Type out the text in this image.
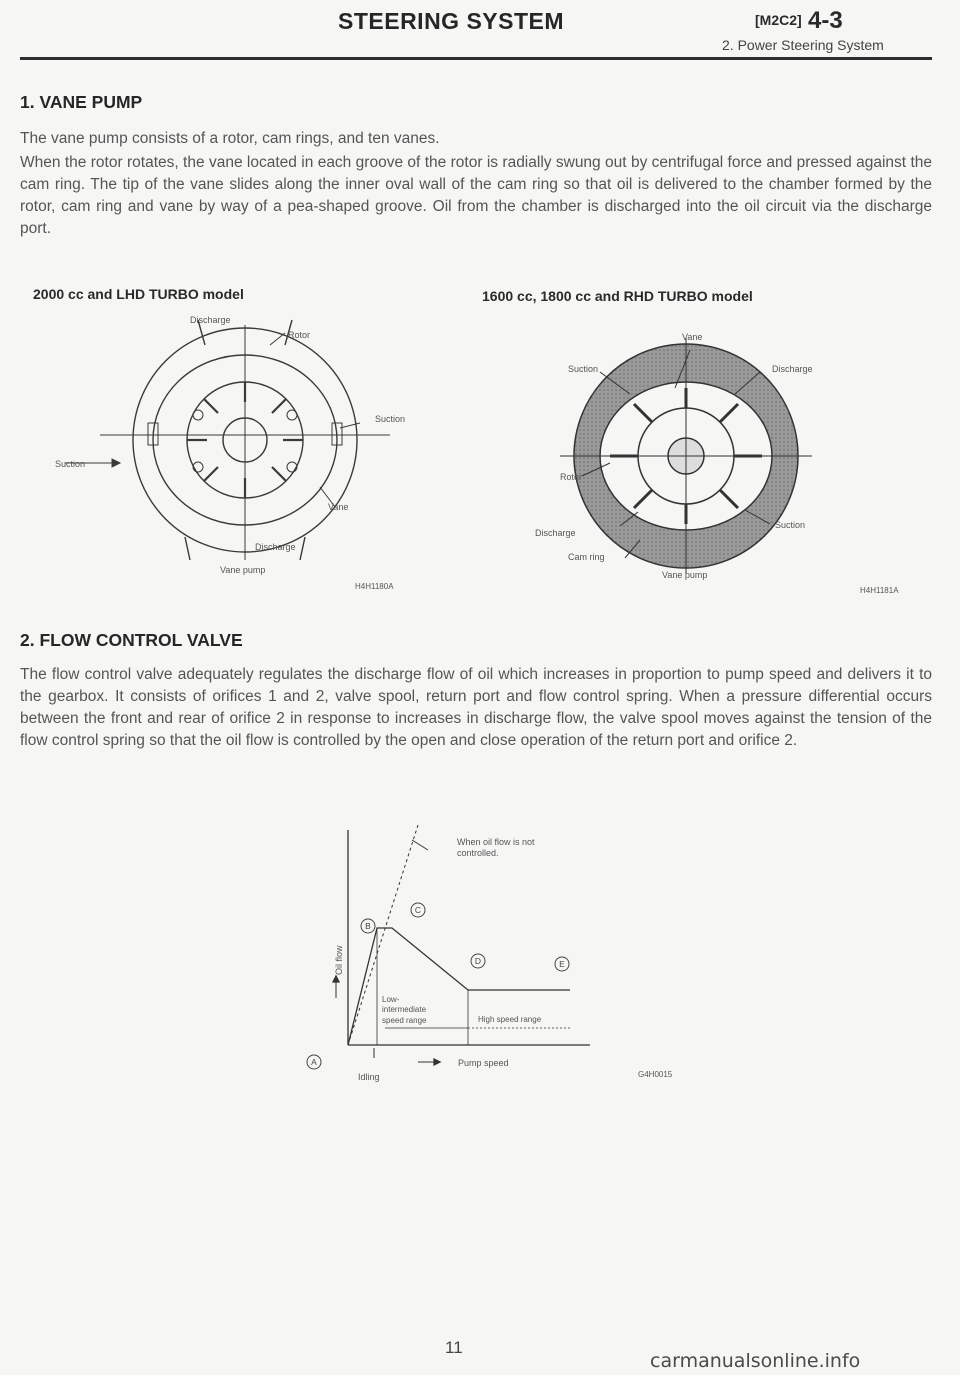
STEERING SYSTEM	[M2C2] 4-3
2. Power Steering System
1. VANE PUMP
The vane pump consists of a rotor, cam rings, and ten vanes.
When the rotor rotates, the vane located in each groove of the rotor is radially swung out by centrifugal force and pressed against the cam ring. The tip of the vane slides along the inner oval wall of the cam ring so that oil is delivered to the chamber formed by the rotor, cam ring and vane by way of a pea-shaped groove. Oil from the chamber is discharged into the oil circuit via the discharge port.
2000 cc and LHD TURBO model	1600 cc, 1800 cc and RHD TURBO model
Discharge
Rotor
Suction
Suction
Vane
Discharge
Vane pump
H4H1180A
Vane
Suction	Discharge
Rotor
Discharge
Suction
Cam ring
Vane pump
H4H1181A
2. FLOW CONTROL VALVE
The flow control valve adequately regulates the discharge flow of oil which increases in proportion to pump speed and delivers it to the gearbox. It consists of orifices 1 and 2, valve spool, return port and flow control spring. When a pressure differential occurs between the front and rear of orifice 2 in response to increases in discharge flow, the valve spool moves against the tension of the flow control spring so that the oil flow is controlled by the open and close operation of the return port and orifice 2.
When oil flow is not
controlled.
Oil flow
Pump speed
Idling
Low-
intermediate
speed range	High speed range
A
B
C
D	E
G4H0015
11
carmanualsonline.info
